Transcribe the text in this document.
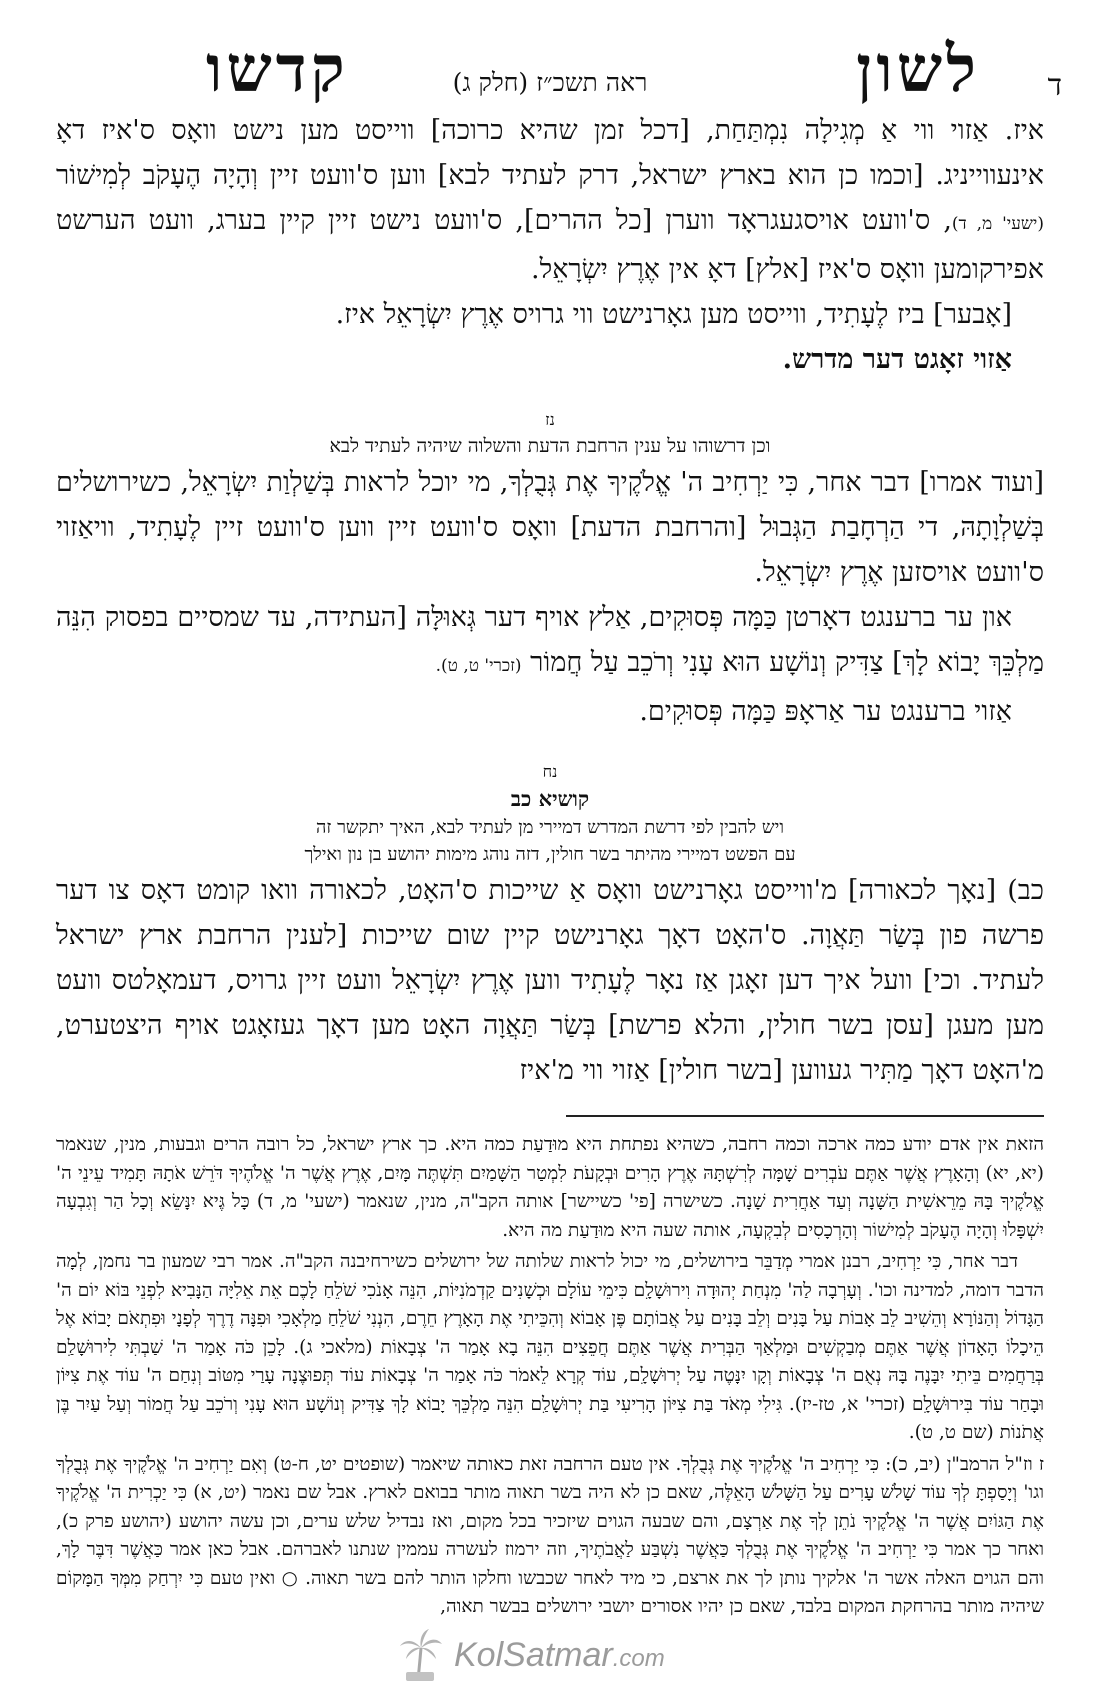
ד
לשון
ראה תשכ״ז (חלק ג)
קדשו

איז. אַזוי ווי אַ מְגִילָה נִמְתַּחַת, [דכל זמן שהיא כרוכה] ווייסט מען נישט וואָס ס'איז דאָ אינעווייניג. [וכמו כן הוא בארץ ישראל, דרק לעתיד לבא] ווען ס'וועט זיין וְהָיָה הֶעָקֹב לְמִישׁוֹר (ישעי' מ, ד), ס'וועט אויסגעגראָד ווערן [כל ההרים], ס'וועט נישט זיין קיין בערג, וועט הערשט אפירקומען וואָס ס'איז [אלץ] דאָ אין אֶרֶץ יִשְׂרָאֵל.

[אָבער] ביז לֶעָתִיד, ווייסט מען גאָרנישט ווי גרויס אֶרֶץ יִשְׂרָאֵל איז.

אַזוי זאָגט דער מדרש.

נז
וכן דרשוהו על ענין הרחבת הדעת והשלוה שיהיה לעתיד לבא

[ועוד אמרו] דבר אחר, כִּי יַרְחִיב ה' אֱלֹקֶיךָ אֶת גְּבֻלְךָ, מי יוכל לראות בְּשַׁלְוַת יִשְׂרָאֵל, כשירושלים בְּשַׁלְוָתָהּ, די הַרְחָבַת הַגְּבוּל [והרחבת הדעת] וואָס ס'וועט זיין ווען ס'וועט זיין לֶעָתִיד, וויאַזוי ס'וועט אויסזען אֶרֶץ יִשְׂרָאֵל.

און ער ברענגט דאָרטן כַּמָּה פְּסוּקִים, אַלץ אויף דער גְּאוּלָּה [העתידה, עד שמסיים בפסוק הִנֵּה מַלְכֵּךְ יָבוֹא לָךְ] צַדִּיק וְנוֹשָׁע הוּא עָנִי וְרֹכֵב עַל חֲמוֹר (זכרי' ט, ט).

אַזוי ברענגט ער אַראָפּ כַּמָּה פְּסוּקִים.

נח
קושיא כב
ויש להבין לפי דרשת המדרש דמיירי מן לעתיד לבא, האיך יתקשר זה
עם הפשט דמיירי מהיתר בשר חולין, דזה נוהג מימות יהושע בן נון ואילך

כב) [נאָך לכאורה] מ'ווייסט גאָרנישט וואָס אַ שייכות ס'האָט, לכאורה וואו קומט דאָס צו דער פרשה פון בְּשַׂר תַּאֲוָה. ס'האָט דאָך גאָרנישט קיין שום שייכות [לענין הרחבת ארץ ישראל לעתיד. וכי] וועל איך דען זאָגן אַז נאָר לֶעָתִיד ווען אֶרֶץ יִשְׂרָאֵל וועט זיין גרויס, דעמאָלטס וועט מען מעגן [עסן בשר חולין, והלא פרשת] בְּשַׂר תַּאֲוָה האָט מען דאָך געזאָגט אויף היצטערט, מ'האָט דאָך מַתִּיר געווען [בשר חולין] אַזוי ווי מ'איז

הזאת אין אדם יודע כמה ארכה וכמה רחבה, כשהיא נפתחת היא מוּדַעַת כמה היא. כך ארץ ישראל, כל רובה הרים וגבעות, מנין, שנאמר (יא, יא) וְהָאָרֶץ אֲשֶׁר אַתֶּם עֹבְרִים שָׁמָּה לְרִשְׁתָּהּ אֶרֶץ הָרִים וּבְקָעֹת לִמְטַר הַשָּׁמַיִם תִּשְׁתֶּה מָּיִם, אֶרֶץ אֲשֶׁר ה' אֱלֹהֶיךָ דֹּרֵשׁ אֹתָהּ תָּמִיד עֵינֵי ה' אֱלֹקֶיךָ בָּהּ מֵרֵאשִׁית הַשָּׁנָה וְעַד אַחֲרִית שָׁנָה. כשישרה [פי' כשיישר] אותה הקב"ה, מנין, שנאמר (ישעי' מ, ד) כָּל גֶּיא יִנָּשֵׂא וְכָל הַר וְגִבְעָה יִשְׁפָּלוּ וְהָיָה הֶעָקֹב לְמִישׁוֹר וְהָרְכָסִים לְבִקְעָה, אותה שעה היא מוּדַעַת מה היא.

דבר אחר, כִּי יַרְחִיב, רבנן אמרי מְדַבֵּר בירושלים, מי יכול לראות שלותה של ירושלים כשירחיבנה הקב"ה. אמר רבי שמעון בר נחמן, לְמָה הדבר דומה, למדינה וכו'. וְעָרְבָה לַה' מִנְחַת יְהוּדָה וִירוּשָׁלִָם כִּימֵי עוֹלָם וּכְשָׁנִים קַדְמֹנִיּוֹת, הִנֵּה אָנֹכִי שֹׁלֵחַ לָכֶם אֵת אֵלִיָּה הַנָּבִיא לִפְנֵי בּוֹא יוֹם ה' הַגָּדוֹל וְהַנּוֹרָא וְהֵשִׁיב לֵב אָבוֹת עַל בָּנִים וְלֵב בָּנִים עַל אֲבוֹתָם פֶּן אָבוֹא וְהִכֵּיתִי אֶת הָאָרֶץ חֵרֶם, הִנְנִי שֹׁלֵחַ מַלְאָכִי וּפִנָּה דֶרֶךְ לְפָנָי וּפִתְאֹם יָבוֹא אֶל הֵיכָלוֹ הָאָדוֹן אֲשֶׁר אַתֶּם מְבַקְשִׁים וּמַלְאַךְ הַבְּרִית אֲשֶׁר אַתֶּם חֲפֵצִים הִנֵּה בָא אָמַר ה' צְבָאוֹת (מלאכי ג). לָכֵן כֹּה אָמַר ה' שַׁבְתִּי לִירוּשָׁלִַם בְּרַחֲמִים בֵּיתִי יִבָּנֶה בָּהּ נְאֻם ה' צְבָאוֹת וְקָו יִנָּטֶה עַל יְרוּשָׁלִָם, עוֹד קְרָא לֵאמֹר כֹּה אָמַר ה' צְבָאוֹת עוֹד תְּפוּצֶנָה עָרַי מִטּוֹב וְנִחַם ה' עוֹד אֶת צִיּוֹן וּבָחַר עוֹד בִּירוּשָׁלִָם (זכרי' א, טז-יז). גִּילִי מְאֹד בַּת צִיּוֹן הָרִיעִי בַּת יְרוּשָׁלִַם הִנֵּה מַלְכֵּךְ יָבוֹא לָךְ צַדִּיק וְנוֹשָׁע הוּא עָנִי וְרֹכֵב עַל חֲמוֹר וְעַל עַיִר בֶּן אֲתֹנוֹת (שם ט, ט).

ז וז"ל הרמב"ן (יב, כ): כִּי יַרְחִיב ה' אֱלֹקֶיךָ אֶת גְּבֻלְךָ. אין טעם הרחבה זאת כאותה שיאמר (שופטים יט, ח-ט) וְאִם יַרְחִיב ה' אֱלֹקֶיךָ אֶת גְּבֻלְךָ וגו' וְיָסַפְתָּ לְךָ עוֹד שָׁלֹשׁ עָרִים עַל הַשָּׁלֹשׁ הָאֵלֶּה, שאם כן לא היה בשר תאוה מותר בבואם לארץ. אבל שם נאמר (יט, א) כִּי יַכְרִית ה' אֱלֹקֶיךָ אֶת הַגּוֹיִם אֲשֶׁר ה' אֱלֹקֶיךָ נֹתֵן לְךָ אֶת אַרְצָם, והם שבעה הגוים שיזכיר בכל מקום, ואז נבדיל שלש ערים, וכן עשה יהושע (יהושע פרק כ), ואחר כך אמר כִּי יַרְחִיב ה' אֱלֹקֶיךָ אֶת גְּבֻלְךָ כַּאֲשֶׁר נִשְׁבַּע לַאֲבֹתֶיךָ, וזה ירמוז לעשרה עממין שנתנו לאברהם. אבל כאן אמר כַּאֲשֶׁר דִּבֶּר לָךְ, והם הגוים האלה אשר ה' אלקיך נותן לך את ארצם, כי מיד לאחר שכבשו וחלקו הותר להם בשר תאוה. ○ ואין טעם כִּי יִרְחַק מִמְּךָ הַמָּקוֹם שיהיה מותר בהרחקת המקום בלבד, שאם כן יהיו אסורים יושבי ירושלים בבשר תאוה,

KolSatmar.com
